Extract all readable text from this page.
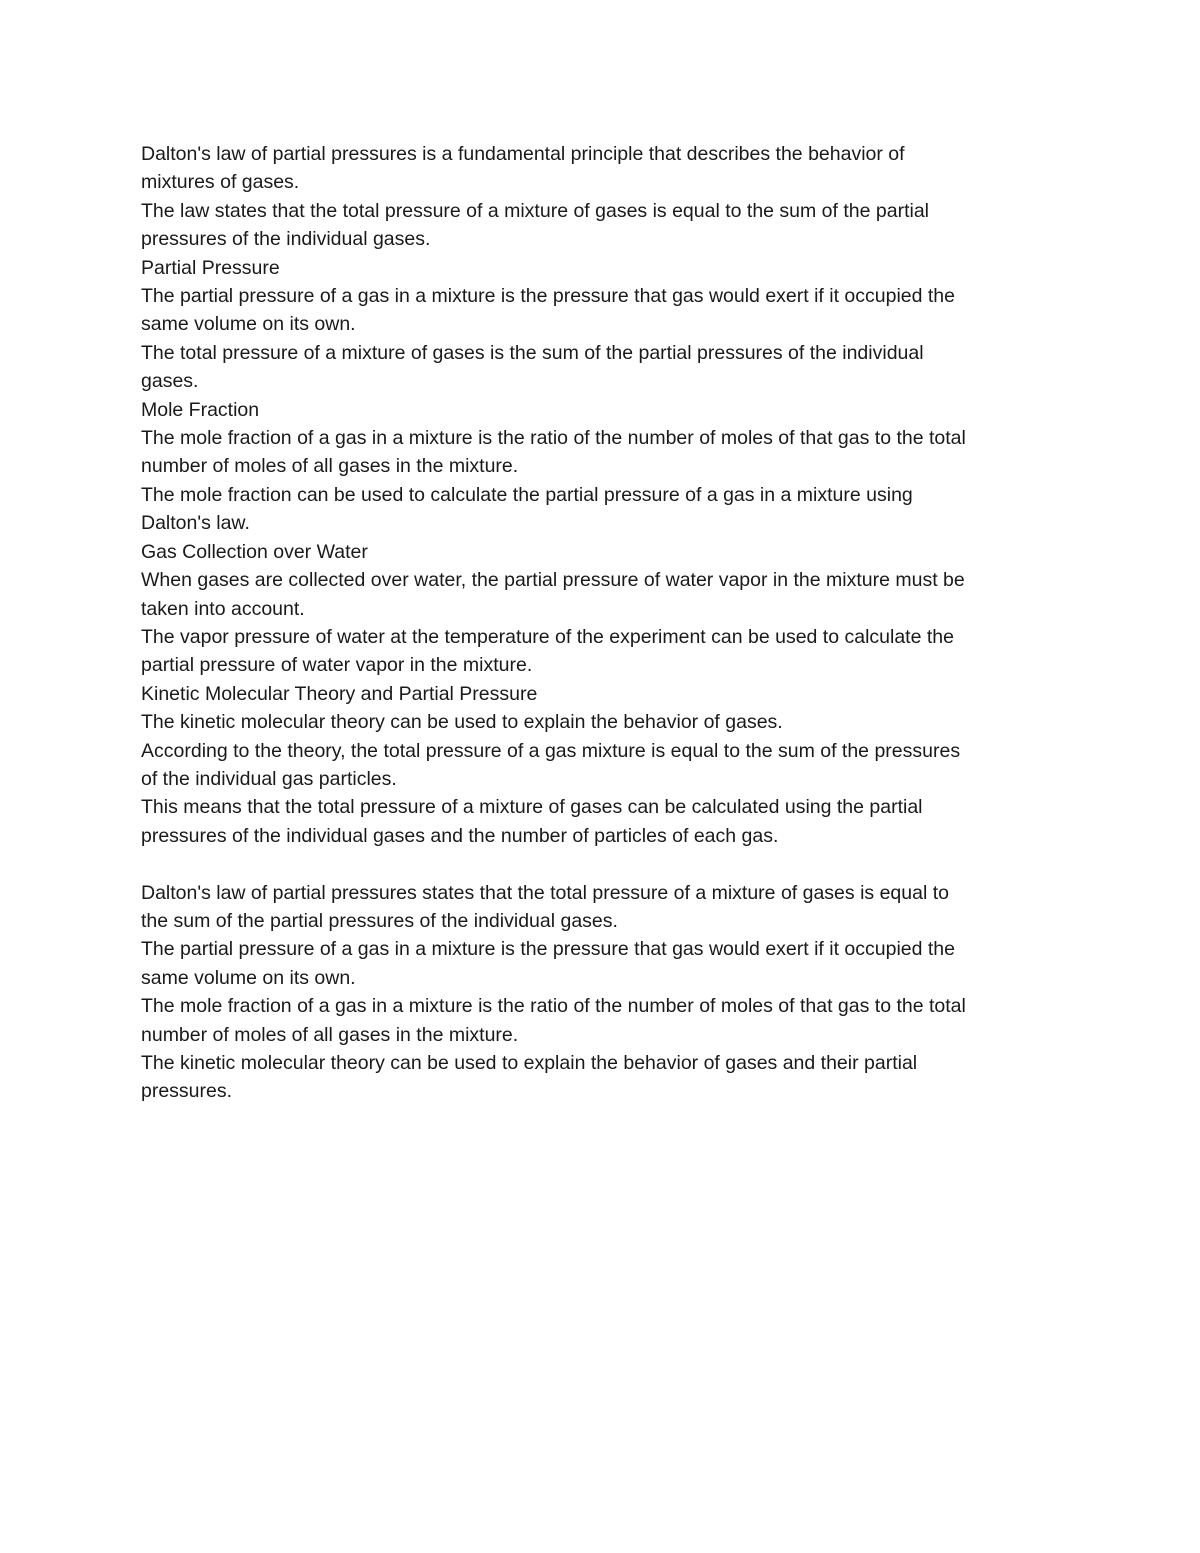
Dalton's law of partial pressures is a fundamental principle that describes the behavior of

mixtures of gases.

The law states that the total pressure of a mixture of gases is equal to the sum of the partial

pressures of the individual gases.

Partial Pressure

The partial pressure of a gas in a mixture is the pressure that gas would exert if it occupied the

same volume on its own.

The total pressure of a mixture of gases is the sum of the partial pressures of the individual

gases.

Mole Fraction

The mole fraction of a gas in a mixture is the ratio of the number of moles of that gas to the total

number of moles of all gases in the mixture.

The mole fraction can be used to calculate the partial pressure of a gas in a mixture using

Dalton's law.

Gas Collection over Water

When gases are collected over water, the partial pressure of water vapor in the mixture must be

taken into account.

The vapor pressure of water at the temperature of the experiment can be used to calculate the

partial pressure of water vapor in the mixture.

Kinetic Molecular Theory and Partial Pressure

The kinetic molecular theory can be used to explain the behavior of gases.

According to the theory, the total pressure of a gas mixture is equal to the sum of the pressures

of the individual gas particles.

This means that the total pressure of a mixture of gases can be calculated using the partial

pressures of the individual gases and the number of particles of each gas.

Dalton's law of partial pressures states that the total pressure of a mixture of gases is equal to

the sum of the partial pressures of the individual gases.

The partial pressure of a gas in a mixture is the pressure that gas would exert if it occupied the

same volume on its own.

The mole fraction of a gas in a mixture is the ratio of the number of moles of that gas to the total

number of moles of all gases in the mixture.

The kinetic molecular theory can be used to explain the behavior of gases and their partial

pressures.
